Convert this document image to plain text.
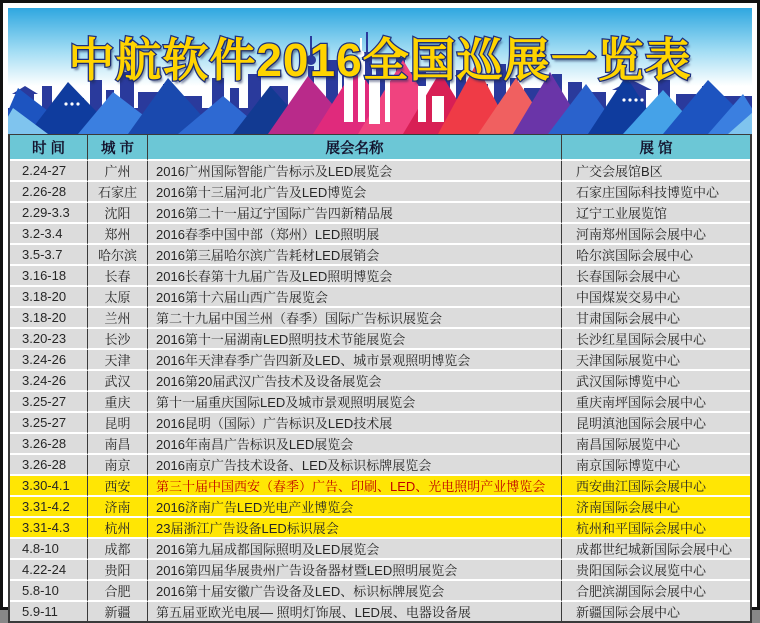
中航软件2016全国巡展一览表
时 间	城 市	展会名称	展 馆
2.24-27	广州	2016广州国际智能广告标示及LED展览会	广交会展馆B区
2.26-28	石家庄	2016第十三届河北广告及LED博览会	石家庄国际科技博览中心
2.29-3.3	沈阳	2016第二十一届辽宁国际广告四新精品展	辽宁工业展览馆
3.2-3.4	郑州	2016春季中国中部（郑州）LED照明展	河南郑州国际会展中心
3.5-3.7	哈尔滨	2016第三届哈尔滨广告耗材LED展销会	哈尔滨国际会展中心
3.16-18	长春	2016长春第十九届广告及LED照明博览会	长春国际会展中心
3.18-20	太原	2016第十六届山西广告展览会	中国煤炭交易中心
3.18-20	兰州	第二十九届中国兰州（春季）国际广告标识展览会	甘肃国际会展中心
3.20-23	长沙	2016第十一届湖南LED照明技术节能展览会	长沙红星国际会展中心
3.24-26	天津	2016年天津春季广告四新及LED、城市景观照明博览会	天津国际展览中心
3.24-26	武汉	2016第20届武汉广告技术及设备展览会	武汉国际博览中心
3.25-27	重庆	第十一届重庆国际LED及城市景观照明展览会	重庆南坪国际会展中心
3.25-27	昆明	2016昆明（国际）广告标识及LED技术展	昆明滇池国际会展中心
3.26-28	南昌	2016年南昌广告标识及LED展览会	南昌国际展览中心
3.26-28	南京	2016南京广告技术设备、LED及标识标牌展览会	南京国际博览中心
3.30-4.1	西安	第三十届中国西安（春季）广告、印刷、LED、光电照明产业博览会	西安曲江国际会展中心
3.31-4.2	济南	2016济南广告LED光电产业博览会	济南国际会展中心
3.31-4.3	杭州	23届浙江广告设备LED标识展会	杭州和平国际会展中心
4.8-10	成都	2016第九届成都国际照明及LED展览会	成都世纪城新国际会展中心
4.22-24	贵阳	2016第四届华展贵州广告设备器材暨LED照明展览会	贵阳国际会议展览中心
5.8-10	合肥	2016第十届安徽广告设备及LED、标识标牌展览会	合肥滨湖国际会展中心
5.9-11	新疆	第五届亚欧光电展— 照明灯饰展、LED展、电器设备展	新疆国际会展中心
